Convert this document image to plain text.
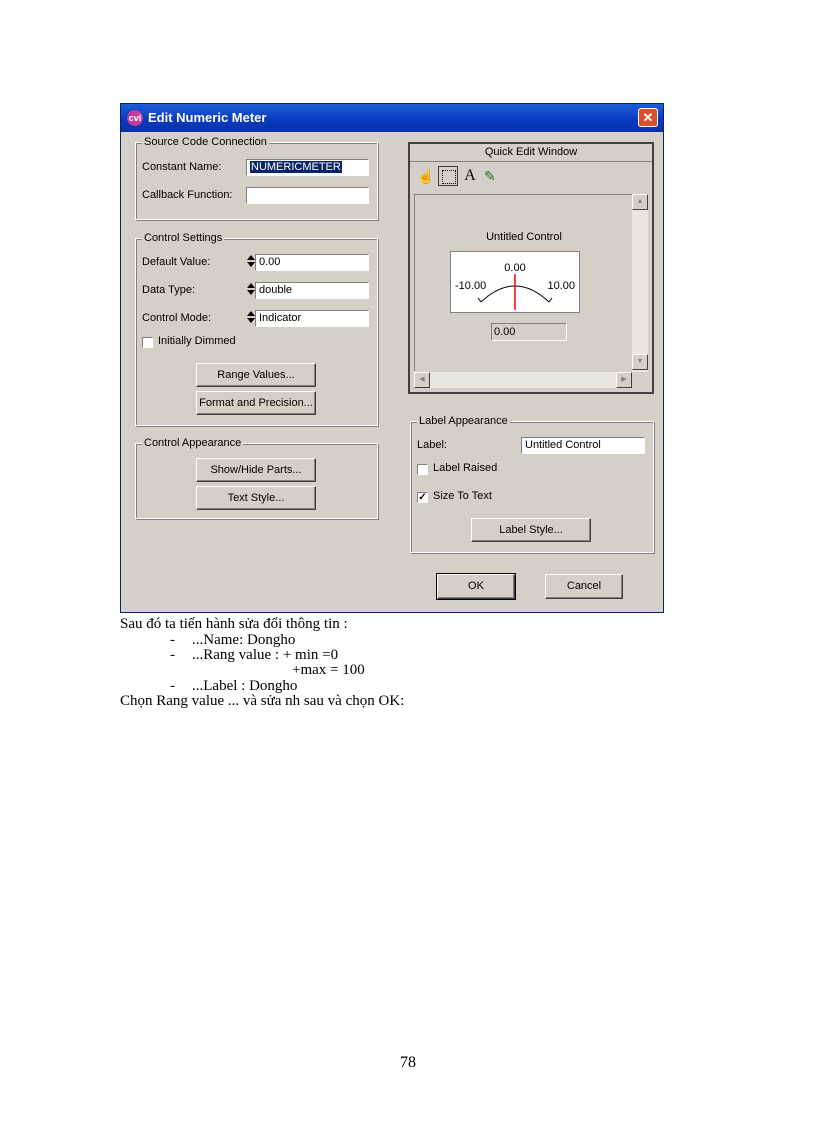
cvi Edit Numeric Meter	✕
Source Code Connection
Constant Name:	NUMERICMETER
Callback Function:
Control Settings
Default Value:	0.00
Data Type:	double
Control Mode:	Indicator
Initially Dimmed
Range Values...
Format and Precision...
Control Appearance
Show/Hide Parts...
Text Style...
Quick Edit Window
☝ A ✎
Untitled Control
-10.00
0.00
10.00
0.00
▲
▼
◀	▶
Label Appearance
Label:	Untitled Control
Label Raised
✓ Size To Text
Label Style...
OK	Cancel
Sau đó ta tiến hành sửa đổi thông tin :
- ...Name: Dongho
- ...Rang value : + min =0
+max = 100
- ...Label : Dongho
Chọn Rang value ... và sửa nh sau và chọn OK:
78
